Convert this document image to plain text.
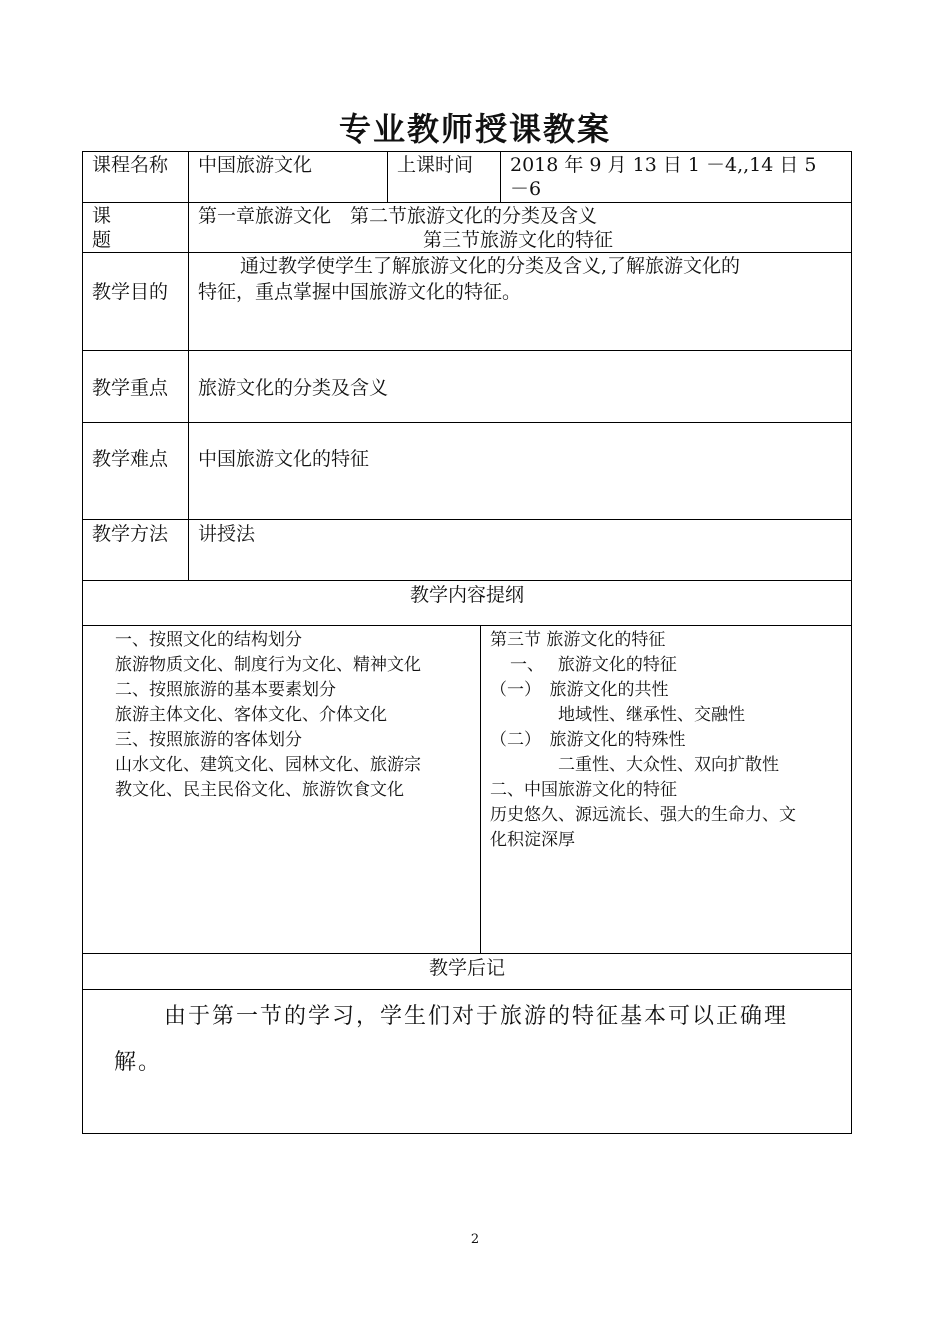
专业教师授课教案
课程名称 中国旅游文化	上课时间 2018 年 9 月 13 日 1 －4,,14 日 5
－6
课
题
第一章旅游文化　第二节旅游文化的分类及含义
第三节旅游文化的特征
教学目的
通过教学使学生了解旅游文化的分类及含义,了解旅游文化的
特征，重点掌握中国旅游文化的特征。
教学重点 旅游文化的分类及含义
教学难点 中国旅游文化的特征
教学方法 讲授法
教学内容提纲
一、按照文化的结构划分
旅游物质文化、制度行为文化、精神文化
二、按照旅游的基本要素划分
旅游主体文化、客体文化、介体文化
三、按照旅游的客体划分
山水文化、建筑文化、园林文化、旅游宗
教文化、民主民俗文化、旅游饮食文化
第三节 旅游文化的特征
一、　 旅游文化的特征
（一）　旅游文化的共性
地域性、继承性、交融性
（二）　旅游文化的特殊性
二重性、大众性、双向扩散性
二、中国旅游文化的特征
历史悠久、源远流长、强大的生命力、文
化积淀深厚
教学后记
由于第一节的学习，学生们对于旅游的特征基本可以正确理
解。
2
